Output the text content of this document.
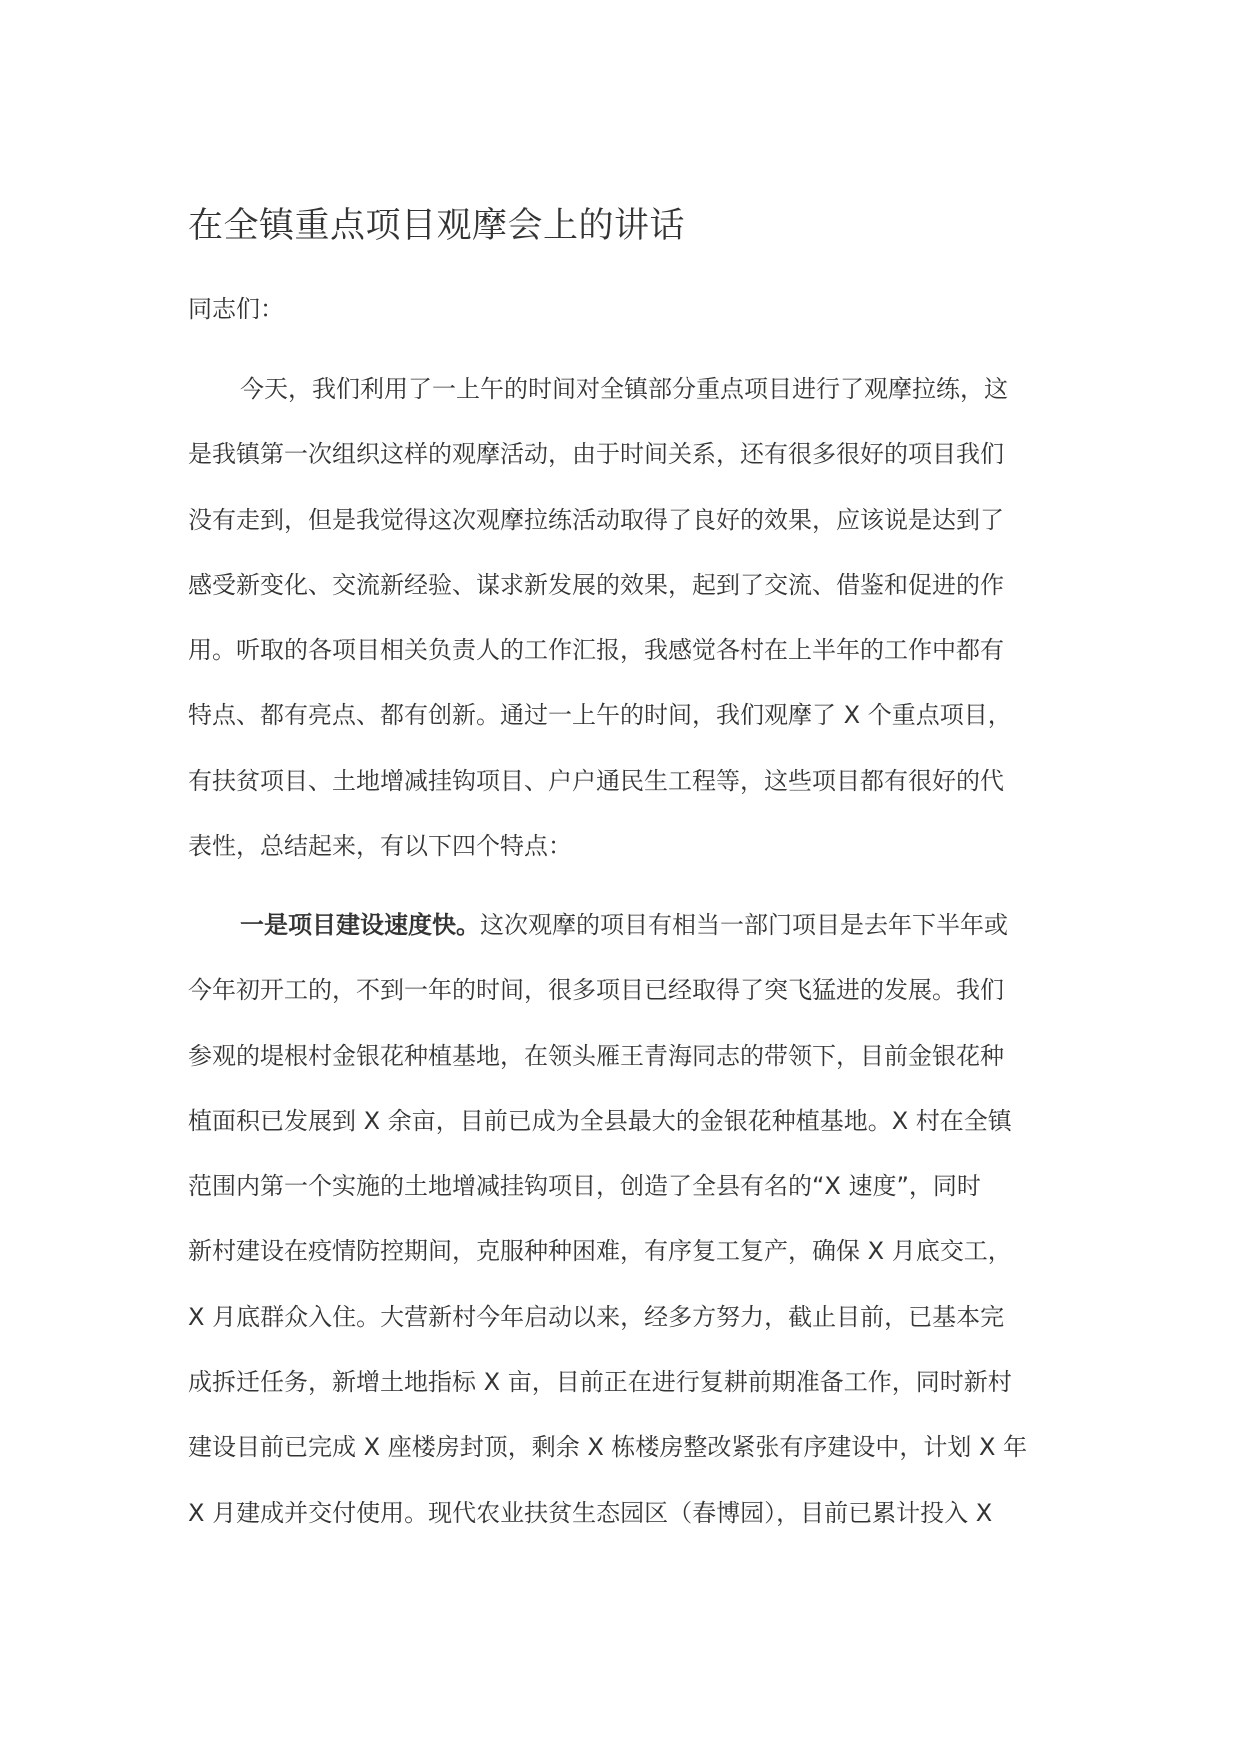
在全镇重点项目观摩会上的讲话
同志们：
今天，我们利用了一上午的时间对全镇部分重点项目进行了观摩拉练，这
是我镇第一次组织这样的观摩活动，由于时间关系，还有很多很好的项目我们
没有走到，但是我觉得这次观摩拉练活动取得了良好的效果，应该说是达到了
感受新变化、交流新经验、谋求新发展的效果，起到了交流、借鉴和促进的作
用。听取的各项目相关负责人的工作汇报，我感觉各村在上半年的工作中都有
特点、都有亮点、都有创新。通过一上午的时间，我们观摩了 X 个重点项目，
有扶贫项目、土地增减挂钩项目、户户通民生工程等，这些项目都有很好的代
表性，总结起来，有以下四个特点：
一是项目建设速度快。这次观摩的项目有相当一部门项目是去年下半年或
今年初开工的，不到一年的时间，很多项目已经取得了突飞猛进的发展。我们
参观的堤根村金银花种植基地，在领头雁王青海同志的带领下，目前金银花种
植面积已发展到 X 余亩，目前已成为全县最大的金银花种植基地。X 村在全镇
范围内第一个实施的土地增减挂钩项目，创造了全县有名的“X 速度”，同时
新村建设在疫情防控期间，克服种种困难，有序复工复产，确保 X 月底交工，
X 月底群众入住。大营新村今年启动以来，经多方努力，截止目前，已基本完
成拆迁任务，新增土地指标 X 亩，目前正在进行复耕前期准备工作，同时新村
建设目前已完成 X 座楼房封顶，剩余 X 栋楼房整改紧张有序建设中，计划 X 年
X 月建成并交付使用。现代农业扶贫生态园区（春博园），目前已累计投入 X
